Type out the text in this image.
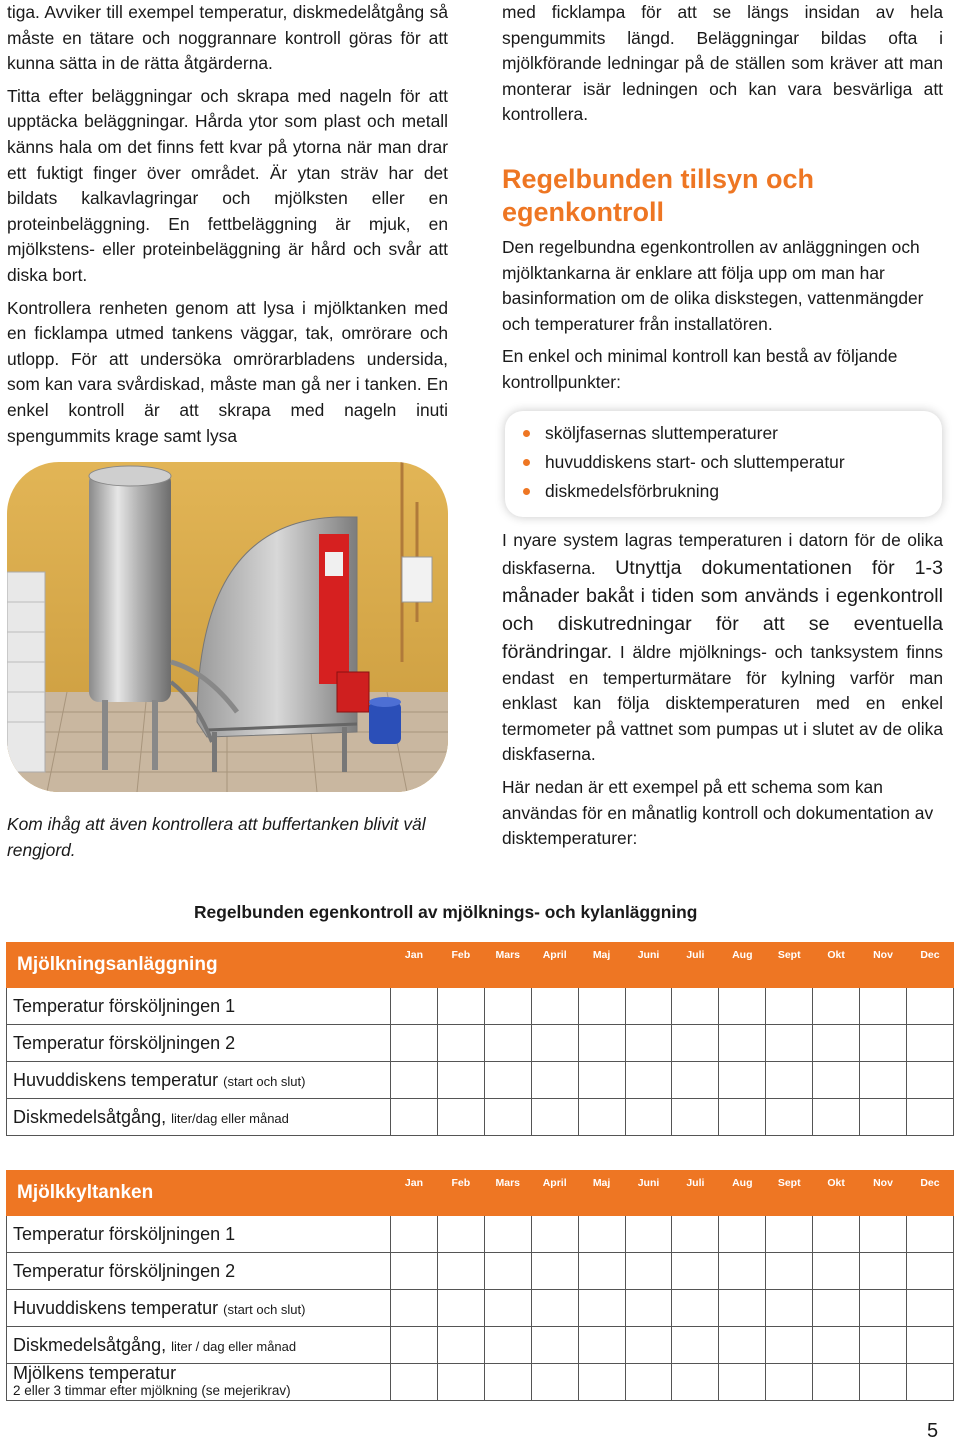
tiga. Avviker till exempel temperatur, diskmedelåtgång så måste en tätare och noggrannare kontroll göras för att kunna sätta in de rätta åtgärderna.

Titta efter beläggningar och skrapa med nageln för att upptäcka beläggningar. Hårda ytor som plast och metall känns hala om det finns fett kvar på ytorna när man drar ett fuktigt finger över området. Är ytan sträv har det bildats kalkavlagringar och mjölksten eller en proteinbeläggning. En fettbeläggning är mjuk, en mjölkstens- eller proteinbeläggning är hård och svår att diska bort.

Kontrollera renheten genom att lysa i mjölktanken med en ficklampa utmed tankens väggar, tak, omrörare och utlopp. För att undersöka omrörarbladens undersida, som kan vara svårdiskad, måste man gå ner i tanken. En enkel kontroll är att skrapa med nageln inuti spengummits krage samt lysa

Kom ihåg att även kontrollera att buffertanken blivit väl rengjord.

med ficklampa för att se längs insidan av hela spengummits längd. Beläggningar bildas ofta i mjölkförande ledningar på de ställen som kräver att man monterar isär ledningen och kan vara besvärliga att kontrollera.

Regelbunden tillsyn och egenkontroll

Den regelbundna egenkontrollen av anläggningen och mjölktankarna är enklare att följa upp om man har basinformation om de olika diskstegen, vattenmängder och temperaturer från installatören.

En enkel och minimal kontroll kan bestå av följande kontrollpunkter:

sköljfasernas sluttemperaturer
huvuddiskens start- och sluttemperatur
diskmedelsförbrukning

I nyare system lagras temperaturen i datorn för de olika diskfaserna. Utnyttja dokumentationen för 1-3 månader bakåt i tiden som används i egenkontroll och diskutredningar för att se eventuella förändringar. I äldre mjölknings- och tanksystem finns endast en temperturmätare för kylning varför man enklast kan följa disktemperaturen med en enkel termometer på vattnet som pumpas ut i slutet av de olika diskfaserna.

Här nedan är ett exempel på ett schema som kan användas för en månatlig kontroll och dokumentation av disktemperaturer:

Regelbunden egenkontroll av mjölknings- och kylanläggning
Mjölkningsanläggning	Jan	Feb	Mars	April	Maj	Juni	Juli	Aug	Sept	Okt	Nov	Dec
Temperatur försköljningen 1												
Temperatur försköljningen 2												
Huvuddiskens temperatur (start och slut)												
Diskmedelsåtgång, liter/dag eller månad												
Mjölkkyltanken	Jan	Feb	Mars	April	Maj	Juni	Juli	Aug	Sept	Okt	Nov	Dec
Temperatur försköljningen 1												
Temperatur försköljningen 2												
Huvuddiskens temperatur (start och slut)												
Diskmedelsåtgång, liter / dag eller månad												
Mjölkens temperatur
2 eller 3 timmar efter mjölkning (se mejerikrav)												

5
